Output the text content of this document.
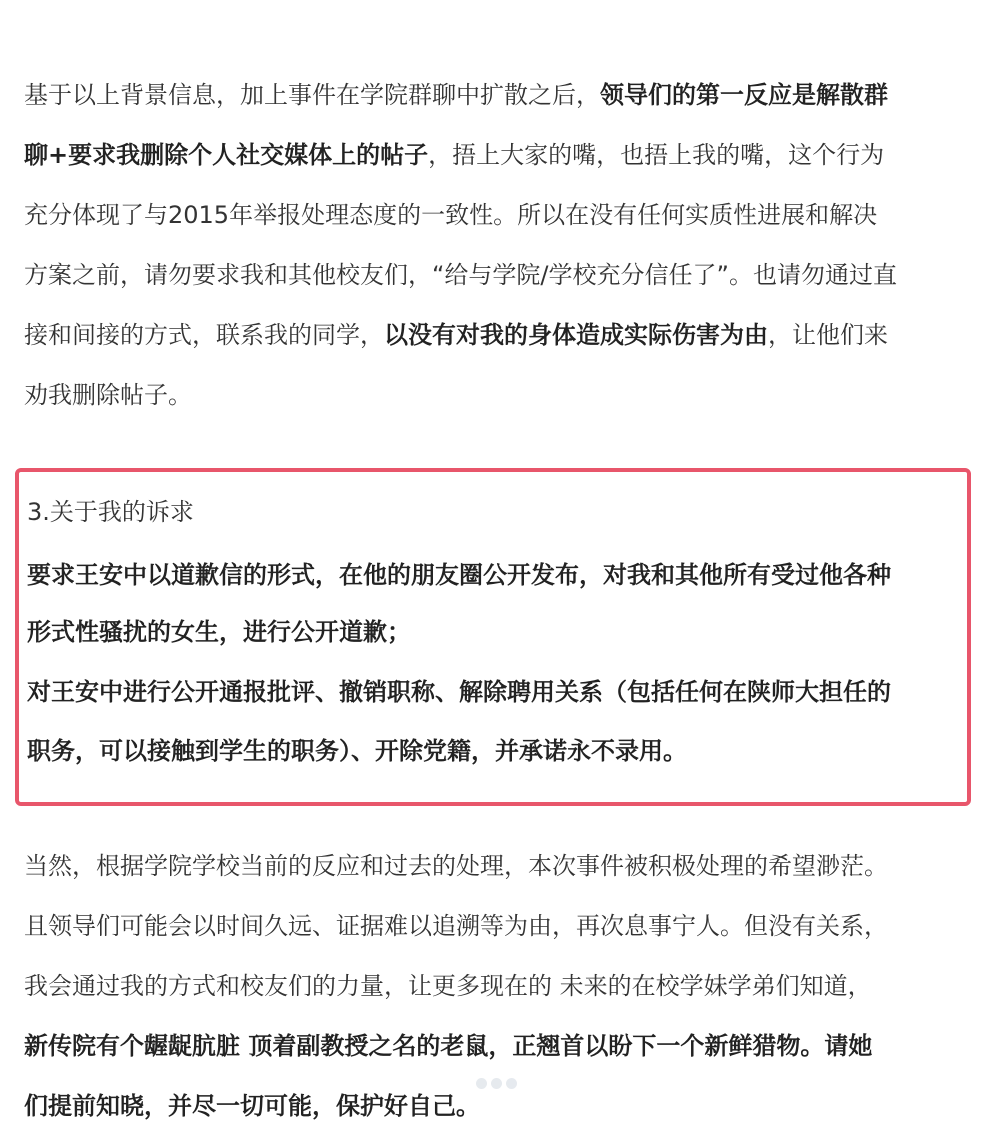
基于以上背景信息，加上事件在学院群聊中扩散之后，领导们的第一反应是解散群
聊+要求我删除个人社交媒体上的帖子，捂上大家的嘴，也捂上我的嘴，这个行为
充分体现了与2015年举报处理态度的一致性。所以在没有任何实质性进展和解决
方案之前，请勿要求我和其他校友们，“给与学院/学校充分信任了”。也请勿通过直
接和间接的方式，联系我的同学，以没有对我的身体造成实际伤害为由，让他们来
劝我删除帖子。
3.关于我的诉求
要求王安中以道歉信的形式，在他的朋友圈公开发布，对我和其他所有受过他各种
形式性骚扰的女生，进行公开道歉；
对王安中进行公开通报批评、撤销职称、解除聘用关系（包括任何在陕师大担任的
职务，可以接触到学生的职务）、开除党籍，并承诺永不录用。
当然，根据学院学校当前的反应和过去的处理，本次事件被积极处理的希望渺茫。
且领导们可能会以时间久远、证据难以追溯等为由，再次息事宁人。但没有关系，
我会通过我的方式和校友们的力量，让更多现在的 未来的在校学妹学弟们知道，
新传院有个龌龊肮脏 顶着副教授之名的老鼠，正翘首以盼下一个新鲜猎物。请她
们提前知晓，并尽一切可能，保护好自己。
